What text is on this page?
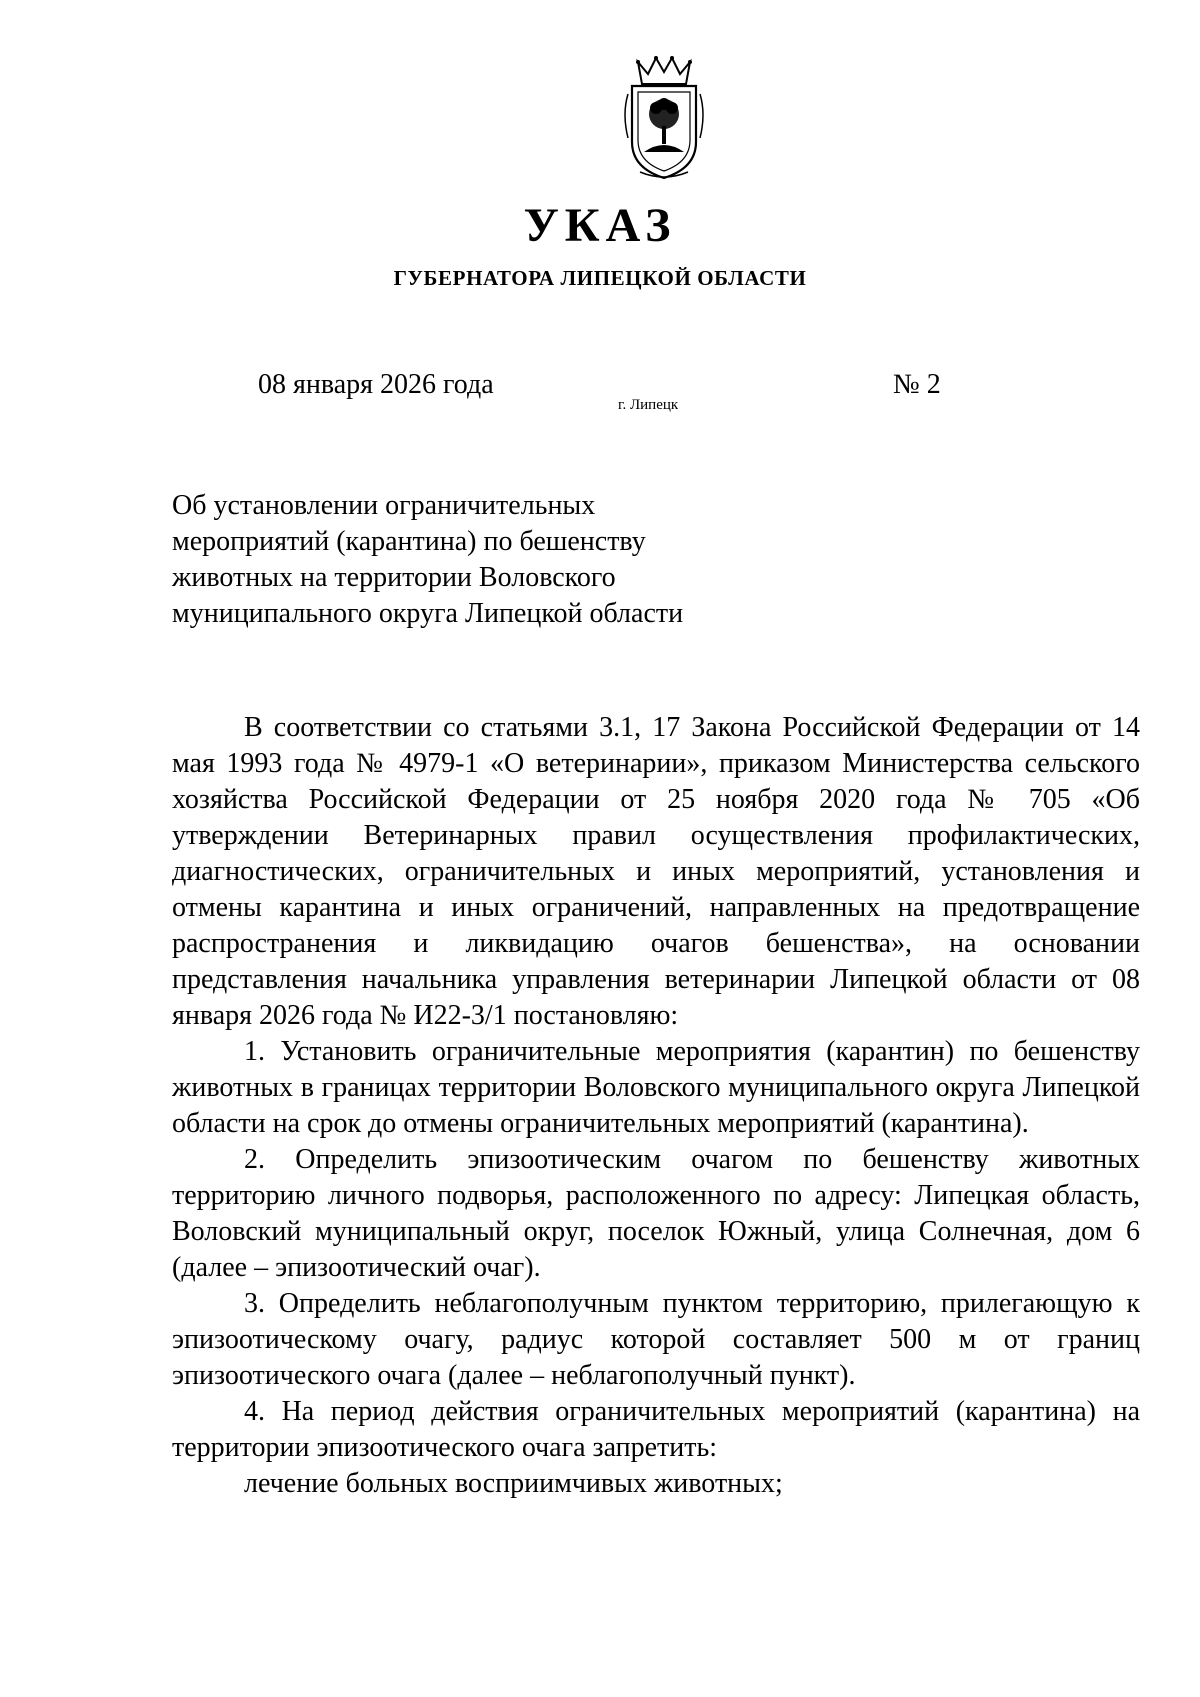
УКАЗ
ГУБЕРНАТОРА ЛИПЕЦКОЙ ОБЛАСТИ
08 января 2026 года
г. Липецк
№ 2
Об установлении ограничительных
мероприятий (карантина) по бешенству
животных на территории Воловского
муниципального округа Липецкой области

В соответствии со статьями 3.1, 17 Закона Российской Федерации от 14 мая 1993 года № 4979-1 «О ветеринарии», приказом Министерства сельского хозяйства Российской Федерации от 25 ноября 2020 года № 705 «Об утверждении Ветеринарных правил осуществления профилактических, диагностических, ограничительных и иных мероприятий, установления и отмены карантина и иных ограничений, направленных на предотвращение распространения и ликвидацию очагов бешенства», на основании представления начальника управления ветеринарии Липецкой области от 08 января 2026 года № И22-3/1 постановляю:

1. Установить ограничительные мероприятия (карантин) по бешенству животных в границах территории Воловского муниципального округа Липецкой области на срок до отмены ограничительных мероприятий (карантина).

2. Определить эпизоотическим очагом по бешенству животных территорию личного подворья, расположенного по адресу: Липецкая область, Воловский муниципальный округ, поселок Южный, улица Солнечная, дом 6 (далее – эпизоотический очаг).

3. Определить неблагополучным пунктом территорию, прилегающую к эпизоотическому очагу, радиус которой составляет 500 м от границ эпизоотического очага (далее – неблагополучный пункт).

4. На период действия ограничительных мероприятий (карантина) на территории эпизоотического очага запретить:

лечение больных восприимчивых животных;
